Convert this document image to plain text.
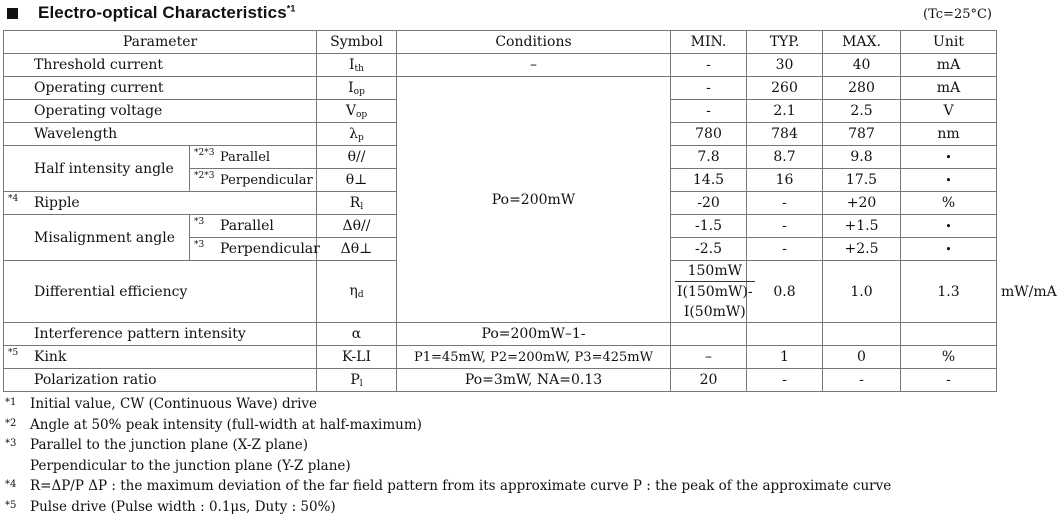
Electro-optical Characteristics$^{*1}$	(Tc=25°C)
Parameter		Symbol	Conditions	MIN.	TYP.	MAX.	Unit	
Threshold current		$I_{th}$	–	-	30	40	mA	
Operating current		$I_{op}$	Po=200mW	-	260	280	mA	
Operating voltage		$V_{op}$		-	2.1	2.5	V	
Wavelength		$\lambda_p$		780	784	787	nm	
Half intensity angle	*2*3 Parallel	θ//		7.8	8.7	9.8	•	

	*2*3 Perpendicular	θ⊥		14.5	16	17.5	•	

*4 Ripple		$R_l$		-20	-	+20	%	
Misalignment angle	*3 Parallel	Δθ//		-1.5	-	+1.5	•	

	*3 Perpendicular	Δθ⊥		-2.5	-	+2.5	•	
Differential efficiency		$\eta_d$		$\frac{150mW}{I(150mW)-I(50mW)}$	0.8	1.0	1.3	mW/mA
Interference pattern intensity		α	Po=200mW–1-					

*5 Kink		K-LI	P1=45mW, P2=200mW, P3=425mW	–	1	0	%	
Polarization ratio		$P_l$	Po=3mW, NA=0.13	20	-	-	-	
*1 Initial value, CW (Continuous Wave) drive
*2 Angle at 50% peak intensity (full-width at half-maximum)
*3 Parallel to the junction plane (X-Z plane)
Perpendicular to the junction plane (Y-Z plane)
*4 R=ΔP/P ΔP : the maximum deviation of the far field pattern from its approximate curve P : the peak of the approximate curve
*5 Pulse drive (Pulse width : 0.1μs, Duty : 50%)
